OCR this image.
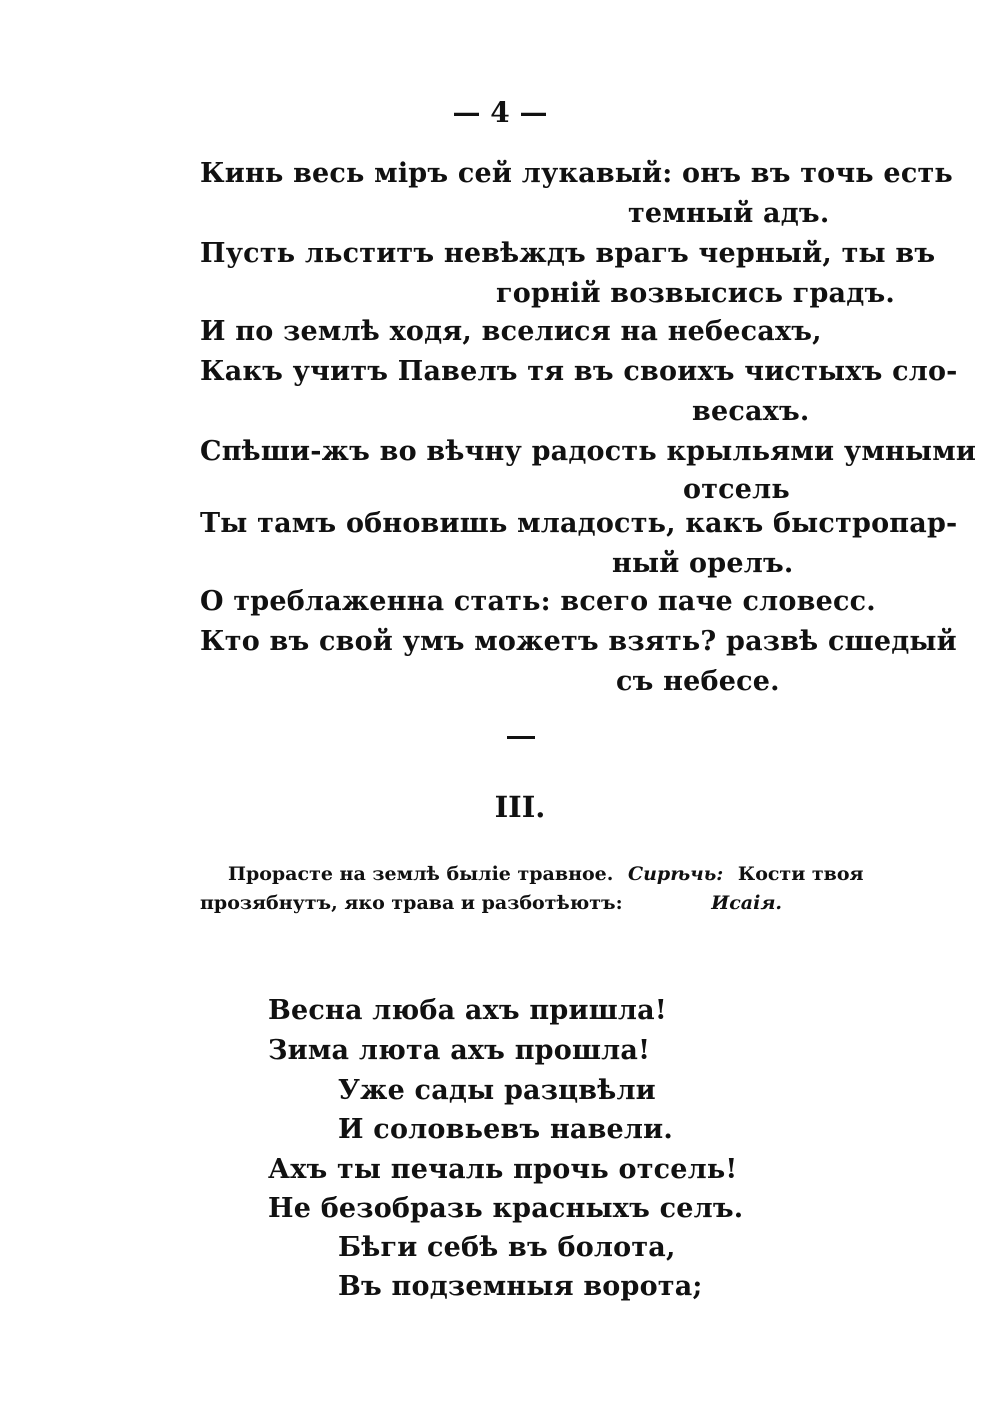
— 4 —
Кинь весь міръ сей лукавый: онъ въ точь есть
темный адъ.
Пусть льститъ невѣждъ врагъ черный, ты въ
горній возвысись градъ.
И по землѣ ходя, вселися на небесахъ,
Какъ учитъ Павелъ тя въ своихъ чистыхъ сло-
весахъ.
Спѣши-жъ во вѣчну радость крыльями умными
отсель
Ты тамъ обновишь младость, какъ быстропар-
ный орелъ.
О треблаженна стать: всего паче словесс.
Кто въ свой умъ можетъ взять? развѣ сшедый
съ небесе.
III.
Прорасте на землѣ быліе травное. Сирѣчь: Кости твоя
прозябнутъ, яко трава и разботѣютъ:	Исаія.
Весна люба ахъ пришла!
Зима люта ахъ прошла!
Уже сады разцвѣли
И соловьевъ навели.
Ахъ ты печаль прочь отсель!
Не безобразь красныхъ селъ.
Бѣги себѣ въ болота,
Въ подземныя ворота;
